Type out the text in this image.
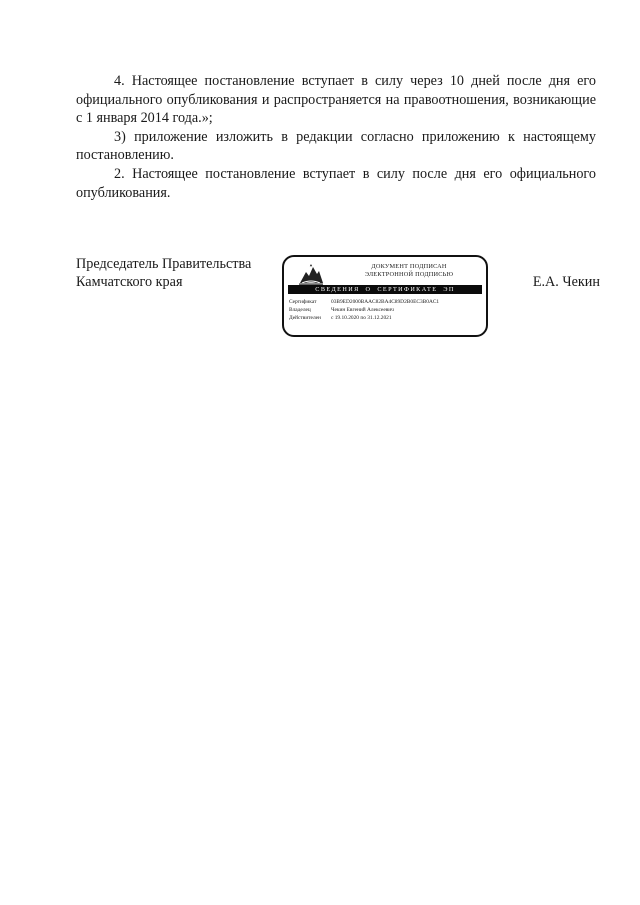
4. Настоящее постановление вступает в силу через 10 дней после дня его официального опубликования и распространяется на правоотношения, возникающие с 1 января 2014 года.»;

3) приложение изложить в редакции согласно приложению к настоящему постановлению.

2. Настоящее постановление вступает в силу после дня его официального опубликования.

Председатель Правительства
Камчатского края
ДОКУМЕНТ ПОДПИСАН
ЭЛЕКТРОННОЙ ПОДПИСЬЮ
СВЕДЕНИЯ О СЕРТИФИКАТЕ ЭП
Сертификат	03B9ED2000BAAC82BA4C89D2B0EC3B0AC1
Владелец	Чекин Евгений Алексеевич
Действителен	с 19.10.2020 по 31.12.2021
Е.А. Чекин
